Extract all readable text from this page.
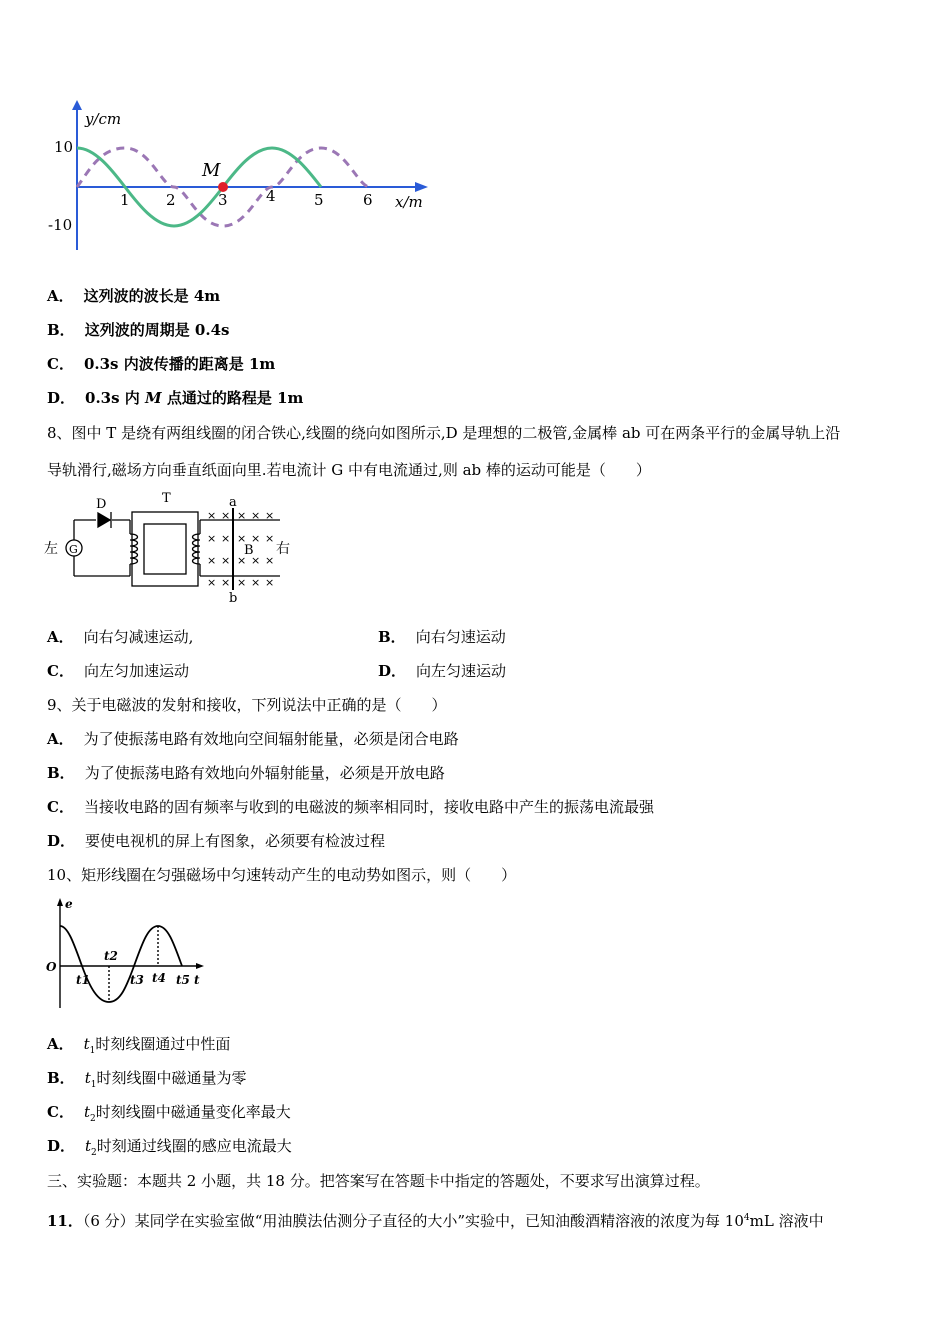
M
y/cm
x/m
10
-10
1 2	3	4	5	6
A． 这列波的波长是 4m
B． 这列波的周期是 0.4s
C． 0.3s 内波传播的距离是 1m
D． 0.3s 内 M 点通过的路程是 1m
8、图中 T 是绕有两组线圈的闭合铁心,线圈的绕向如图所示,D 是理想的二极管,金属棒 ab 可在两条平行的金属导轨上沿
导轨滑行,磁场方向垂直纸面向里.若电流计 G 中有电流通过,则 ab 棒的运动可能是（　　）
× × × × ×
× × × × ×
× × × × ×
× × × × ×
D	T	a
b
B
G
左	右
A． 向右匀减速运动,	B． 向右匀速运动
C． 向左匀加速运动	D． 向左匀速运动
9、关于电磁波的发射和接收，下列说法中正确的是（　　）
A． 为了使振荡电路有效地向空间辐射能量，必须是闭合电路
B． 为了使振荡电路有效地向外辐射能量，必须是开放电路
C． 当接收电路的固有频率与收到的电磁波的频率相同时，接收电路中产生的振荡电流最强
D． 要使电视机的屏上有图象，必须要有检波过程
10、矩形线圈在匀强磁场中匀速转动产生的电动势如图示，则（　　）
e
O
t
t1
t2
t3 t4 t5
A． $t_1$时刻线圈通过中性面
B． $t_1$时刻线圈中磁通量为零
C． $t_2$时刻线圈中磁通量变化率最大
D． $t_2$时刻通过线圈的感应电流最大
三、实验题：本题共 2 小题，共 18 分。把答案写在答题卡中指定的答题处，不要求写出演算过程。
11．（6 分）某同学在实验室做“用油膜法估测分子直径的大小”实验中，已知油酸酒精溶液的浓度为每 $10^4mL$ 溶液中
